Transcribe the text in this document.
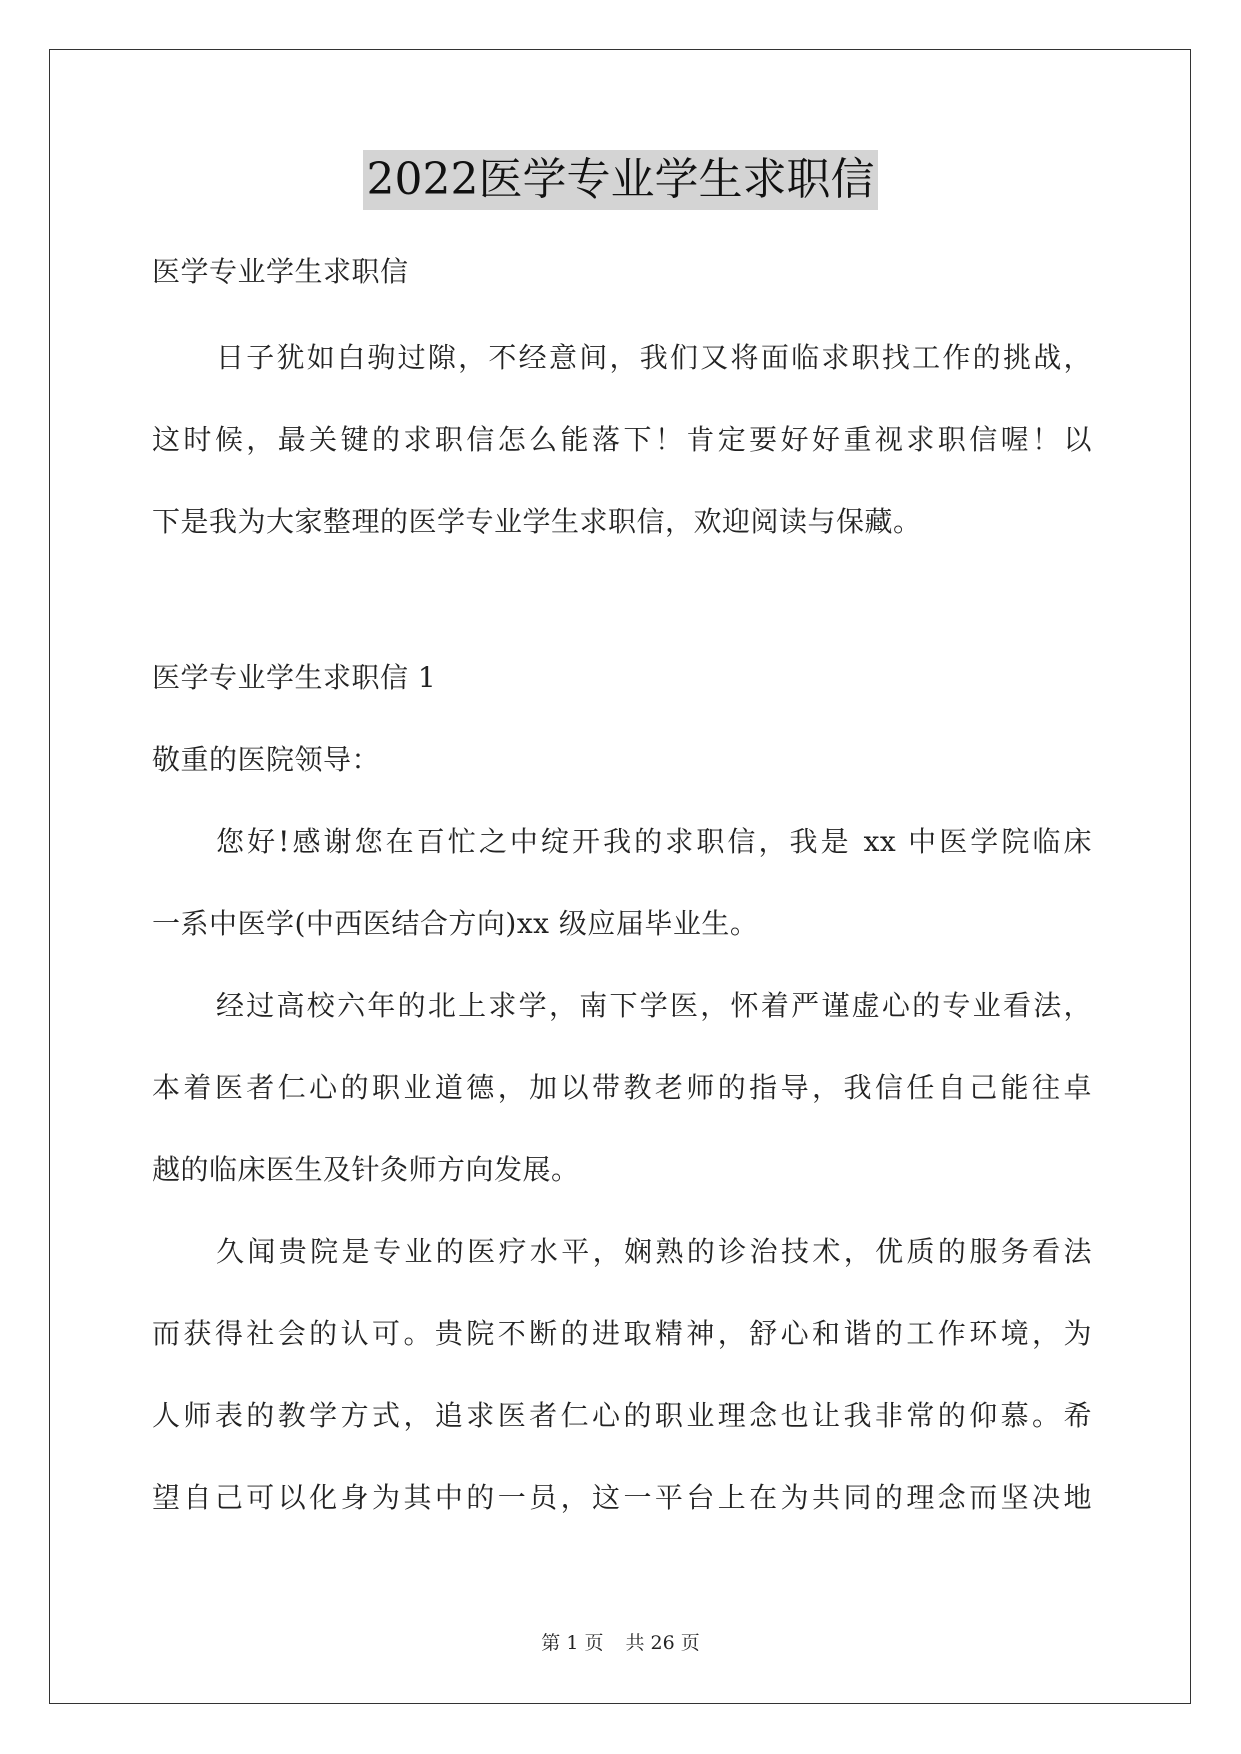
2022医学专业学生求职信

医学专业学生求职信

日子犹如白驹过隙，不经意间，我们又将面临求职找工作的挑战，

这时候，最关键的求职信怎么能落下！肯定要好好重视求职信喔！以

下是我为大家整理的医学专业学生求职信，欢迎阅读与保藏。

医学专业学生求职信 1

敬重的医院领导：

您好!感谢您在百忙之中绽开我的求职信，我是 xx 中医学院临床

一系中医学(中西医结合方向)xx 级应届毕业生。

经过高校六年的北上求学，南下学医，怀着严谨虚心的专业看法，

本着医者仁心的职业道德，加以带教老师的指导，我信任自己能往卓

越的临床医生及针灸师方向发展。

久闻贵院是专业的医疗水平，娴熟的诊治技术，优质的服务看法

而获得社会的认可。贵院不断的进取精神，舒心和谐的工作环境，为

人师表的教学方式，追求医者仁心的职业理念也让我非常的仰慕。希

望自己可以化身为其中的一员，这一平台上在为共同的理念而坚决地

第 1 页 共 26 页
